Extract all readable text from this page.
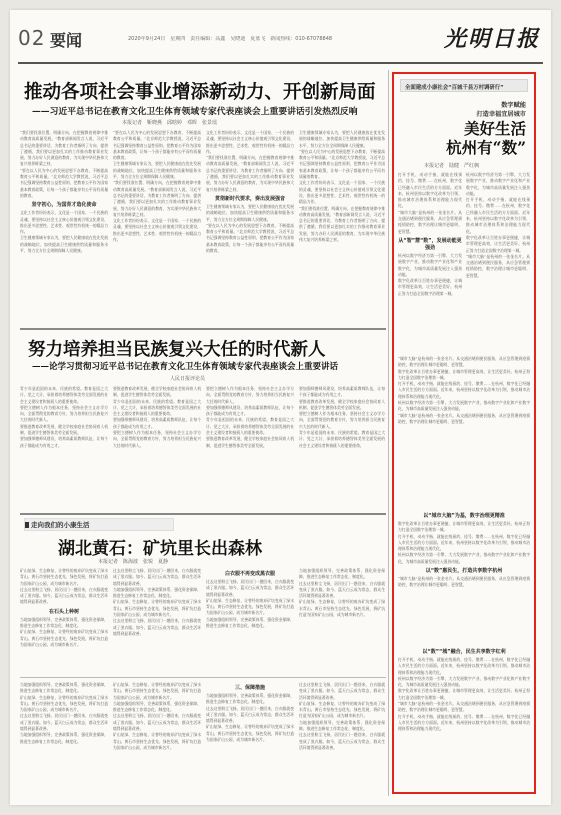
02 要闻	2020年9月24日　星期四　责任编辑：高鑫　吴晓迪　夏蓝飞　新闻热线：010-67078848	光明日报
推动各项社会事业增添新动力、开创新局面
——习近平总书记在教育文化卫生体育领域专家代表座谈会上重要讲话引发热烈反响
本报记者　靳晓燕　邱晗婷　邓晖　张景瑶

“我们要找准位置、明确方向，在把握教育规律中推动教育高质量发展。”教育部新闻发言人说，习近平总书记的重要讲话，为教育工作者指明了方向、提供了遵循，我们要以更加扎实的工作推动教育事业发展，努力办好人民满意的教育，为实现中华民族伟大复兴培养栋梁之材。

“要在以人民为中心的发展思想下办教育，不断提高教育公平和质量。”北京师范大学教授说，习近平总书记强调坚持教育公益性原则，把教育公平作为国家基本教育政策，让每一个孩子都能享有公平而有质量的教育。

坚守初心，为国育才造化使命

文化工作者纷纷表示，文化是一个国家、一个民族的灵魂，要坚持以社会主义核心价值观引领文化建设，推出更多思想性、艺术性、观赏性有机统一的精品力作。

卫生健康领域专家认为，要把人民健康放在优先发展的战略地位，加快提高卫生健康供给质量和服务水平，努力全方位全周期保障人民健康。

“要在以人民为中心的发展思想下办教育，不断提高教育公平和质量。”北京师范大学教授说，习近平总书记强调坚持教育公益性原则，把教育公平作为国家基本教育政策，让每一个孩子都能享有公平而有质量的教育。

卫生健康领域专家认为，要把人民健康放在优先发展的战略地位，加快提高卫生健康供给质量和服务水平，努力全方位全周期保障人民健康。

“我们要找准位置、明确方向，在把握教育规律中推动教育高质量发展。”教育部新闻发言人说，习近平总书记的重要讲话，为教育工作者指明了方向、提供了遵循，我们要以更加扎实的工作推动教育事业发展，努力办好人民满意的教育，为实现中华民族伟大复兴培养栋梁之材。

文化工作者纷纷表示，文化是一个国家、一个民族的灵魂，要坚持以社会主义核心价值观引领文化建设，推出更多思想性、艺术性、观赏性有机统一的精品力作。

文化工作者纷纷表示，文化是一个国家、一个民族的灵魂，要坚持以社会主义核心价值观引领文化建设，推出更多思想性、艺术性、观赏性有机统一的精品力作。

“我们要找准位置、明确方向，在把握教育规律中推动教育高质量发展。”教育部新闻发言人说，习近平总书记的重要讲话，为教育工作者指明了方向、提供了遵循，我们要以更加扎实的工作推动教育事业发展，努力办好人民满意的教育，为实现中华民族伟大复兴培养栋梁之材。

贯彻新时代要求，奏出发展强音

卫生健康领域专家认为，要把人民健康放在优先发展的战略地位，加快提高卫生健康供给质量和服务水平，努力全方位全周期保障人民健康。

“要在以人民为中心的发展思想下办教育，不断提高教育公平和质量。”北京师范大学教授说，习近平总书记强调坚持教育公益性原则，把教育公平作为国家基本教育政策，让每一个孩子都能享有公平而有质量的教育。

卫生健康领域专家认为，要把人民健康放在优先发展的战略地位，加快提高卫生健康供给质量和服务水平，努力全方位全周期保障人民健康。

“要在以人民为中心的发展思想下办教育，不断提高教育公平和质量。”北京师范大学教授说，习近平总书记强调坚持教育公益性原则，把教育公平作为国家基本教育政策，让每一个孩子都能享有公平而有质量的教育。

文化工作者纷纷表示，文化是一个国家、一个民族的灵魂，要坚持以社会主义核心价值观引领文化建设，推出更多思想性、艺术性、观赏性有机统一的精品力作。

“我们要找准位置、明确方向，在把握教育规律中推动教育高质量发展。”教育部新闻发言人说，习近平总书记的重要讲话，为教育工作者指明了方向、提供了遵循，我们要以更加扎实的工作推动教育事业发展，努力办好人民满意的教育，为实现中华民族伟大复兴培养栋梁之材。

努力培养担当民族复兴大任的时代新人
——论学习贯彻习近平总书记在教育文化卫生体育领域专家代表座谈会上重要讲话
人民日报评论员

青少年是祖国的未来、民族的希望。教育是国之大计、党之大计，承担着培养德智体美劳全面发展的社会主义建设者和接班人的重要使命。

要把立德树人作为根本任务，坚持社会主义办学方向，全面贯彻党的教育方针，努力培养担当民族复兴大任的时代新人。

要推进教育改革发展，健全学校家庭社会协同育人机制，促进学生德智体美劳全面发展。

要加强师德师风建设，培养高素质教师队伍，让每个孩子都能成为有用之才。

要推进教育改革发展，健全学校家庭社会协同育人机制，促进学生德智体美劳全面发展。

青少年是祖国的未来、民族的希望。教育是国之大计、党之大计，承担着培养德智体美劳全面发展的社会主义建设者和接班人的重要使命。

要加强师德师风建设，培养高素质教师队伍，让每个孩子都能成为有用之才。

要把立德树人作为根本任务，坚持社会主义办学方向，全面贯彻党的教育方针，努力培养担当民族复兴大任的时代新人。

要把立德树人作为根本任务，坚持社会主义办学方向，全面贯彻党的教育方针，努力培养担当民族复兴大任的时代新人。

要加强师德师风建设，培养高素质教师队伍，让每个孩子都能成为有用之才。

青少年是祖国的未来、民族的希望。教育是国之大计、党之大计，承担着培养德智体美劳全面发展的社会主义建设者和接班人的重要使命。

要推进教育改革发展，健全学校家庭社会协同育人机制，促进学生德智体美劳全面发展。

要加强师德师风建设，培养高素质教师队伍，让每个孩子都能成为有用之才。

要推进教育改革发展，健全学校家庭社会协同育人机制，促进学生德智体美劳全面发展。

要把立德树人作为根本任务，坚持社会主义办学方向，全面贯彻党的教育方针，努力培养担当民族复兴大任的时代新人。

青少年是祖国的未来、民族的希望。教育是国之大计、党之大计，承担着培养德智体美劳全面发展的社会主义建设者和接班人的重要使命。

走向我们的小康生活
湖北黄石：矿坑里长出森林
本报记者　陈海波　张锐　夏静

矿山复绿、生态修复，让曾经的废弃矿坑变成了绿水青山。黄石市坚持生态优先、绿色发展，将矿坑打造为国家矿山公园，成为城市新名片。

过去这里粉尘飞扬，居民出门一趟回来，白衣服就变成了黑衣服。如今，蓝天白云成为常态，群众生活环境得到显著改善。

在石头上种树

当地加强组织领导，完善政策体系，强化资金保障，推进生态修复工作常态化、制度化。

矿山复绿、生态修复，让曾经的废弃矿坑变成了绿水青山。黄石市坚持生态优先、绿色发展，将矿坑打造为国家矿山公园，成为城市新名片。

过去这里粉尘飞扬，居民出门一趟回来，白衣服就变成了黑衣服。如今，蓝天白云成为常态，群众生活环境得到显著改善。

当地加强组织领导，完善政策体系，强化资金保障，推进生态修复工作常态化、制度化。

矿山复绿、生态修复，让曾经的废弃矿坑变成了绿水青山。黄石市坚持生态优先、绿色发展，将矿坑打造为国家矿山公园，成为城市新名片。

过去这里粉尘飞扬，居民出门一趟回来，白衣服就变成了黑衣服。如今，蓝天白云成为常态，群众生活环境得到显著改善。

白衣服不再变成黑衣服

过去这里粉尘飞扬，居民出门一趟回来，白衣服就变成了黑衣服。如今，蓝天白云成为常态，群众生活环境得到显著改善。

矿山复绿、生态修复，让曾经的废弃矿坑变成了绿水青山。黄石市坚持生态优先、绿色发展，将矿坑打造为国家矿山公园，成为城市新名片。

当地加强组织领导，完善政策体系，强化资金保障，推进生态修复工作常态化、制度化。

当地加强组织领导，完善政策体系，强化资金保障，推进生态修复工作常态化、制度化。

过去这里粉尘飞扬，居民出门一趟回来，白衣服就变成了黑衣服。如今，蓝天白云成为常态，群众生活环境得到显著改善。

矿山复绿、生态修复，让曾经的废弃矿坑变成了绿水青山。黄石市坚持生态优先、绿色发展，将矿坑打造为国家矿山公园，成为城市新名片。

当地加强组织领导，完善政策体系，强化资金保障，推进生态修复工作常态化、制度化。

矿山复绿、生态修复，让曾经的废弃矿坑变成了绿水青山。黄石市坚持生态优先、绿色发展，将矿坑打造为国家矿山公园，成为城市新名片。

过去这里粉尘飞扬，居民出门一趟回来，白衣服就变成了黑衣服。如今，蓝天白云成为常态，群众生活环境得到显著改善。

当地加强组织领导，完善政策体系，强化资金保障，推进生态修复工作常态化、制度化。

矿山复绿、生态修复，让曾经的废弃矿坑变成了绿水青山。黄石市坚持生态优先、绿色发展，将矿坑打造为国家矿山公园，成为城市新名片。

当地加强组织领导，完善政策体系，强化资金保障，推进生态修复工作常态化、制度化。

过去这里粉尘飞扬，居民出门一趟回来，白衣服就变成了黑衣服。如今，蓝天白云成为常态，群众生活环境得到显著改善。

矿山复绿、生态修复，让曾经的废弃矿坑变成了绿水青山。黄石市坚持生态优先、绿色发展，将矿坑打造为国家矿山公园，成为城市新名片。

三、保障措施

当地加强组织领导，完善政策体系，强化资金保障，推进生态修复工作常态化、制度化。

过去这里粉尘飞扬，居民出门一趟回来，白衣服就变成了黑衣服。如今，蓝天白云成为常态，群众生活环境得到显著改善。

矿山复绿、生态修复，让曾经的废弃矿坑变成了绿水青山。黄石市坚持生态优先、绿色发展，将矿坑打造为国家矿山公园，成为城市新名片。

过去这里粉尘飞扬，居民出门一趟回来，白衣服就变成了黑衣服。如今，蓝天白云成为常态，群众生活环境得到显著改善。

矿山复绿、生态修复，让曾经的废弃矿坑变成了绿水青山。黄石市坚持生态优先、绿色发展，将矿坑打造为国家矿山公园，成为城市新名片。

当地加强组织领导，完善政策体系，强化资金保障，推进生态修复工作常态化、制度化。

过去这里粉尘飞扬，居民出门一趟回来，白衣服就变成了黑衣服。如今，蓝天白云成为常态，群众生活环境得到显著改善。

全面建成小康社会“百城千县万村调研行”
数字赋能
打造幸福宜居城市
美好生活
杭州有“数”
本报记者　陆健　严红枫

打开手机，动动手指，就能在线预约、挂号、缴费……在杭州，数字化已经融入市民生活的方方面面。近年来，杭州坚持以数字化改革为引领，推动城市治理体系和治理能力现代化。

“城市大脑”是杭州的一张金名片。从交通治堵到便民服务，从应急管理到疫情防控，数字治理让城市更聪明、更智慧。

从“智”慧“数”，发展动能更强劲

杭州以数字经济为第一引擎，大力发展数字产业，推动数字产业化和产业数字化，为城市高质量发展注入强劲动能。

数字化改革让百姓办事更便捷，让城市管理更高效，让生活更美好。杭州正努力打造全国数字治理第一城。

杭州以数字经济为第一引擎，大力发展数字产业，推动数字产业化和产业数字化，为城市高质量发展注入强劲动能。

打开手机，动动手指，就能在线预约、挂号、缴费……在杭州，数字化已经融入市民生活的方方面面。近年来，杭州坚持以数字化改革为引领，推动城市治理体系和治理能力现代化。

数字化改革让百姓办事更便捷，让城市管理更高效，让生活更美好。杭州正努力打造全国数字治理第一城。

“城市大脑”是杭州的一张金名片。从交通治堵到便民服务，从应急管理到疫情防控，数字治理让城市更聪明、更智慧。

“城市大脑”是杭州的一张金名片。从交通治堵到便民服务，从应急管理到疫情防控，数字治理让城市更聪明、更智慧。

数字化改革让百姓办事更便捷，让城市管理更高效，让生活更美好。杭州正努力打造全国数字治理第一城。

打开手机，动动手指，就能在线预约、挂号、缴费……在杭州，数字化已经融入市民生活的方方面面。近年来，杭州坚持以数字化改革为引领，推动城市治理体系和治理能力现代化。

杭州以数字经济为第一引擎，大力发展数字产业，推动数字产业化和产业数字化，为城市高质量发展注入强劲动能。

“城市大脑”是杭州的一张金名片。从交通治堵到便民服务，从应急管理到疫情防控，数字治理让城市更聪明、更智慧。

以“城市大脑”为基，数字治理更精准

数字化改革让百姓办事更便捷，让城市管理更高效，让生活更美好。杭州正努力打造全国数字治理第一城。

打开手机，动动手指，就能在线预约、挂号、缴费……在杭州，数字化已经融入市民生活的方方面面。近年来，杭州坚持以数字化改革为引领，推动城市治理体系和治理能力现代化。

杭州以数字经济为第一引擎，大力发展数字产业，推动数字产业化和产业数字化，为城市高质量发展注入强劲动能。

以“数”惠民生，打造共享数字杭州

“城市大脑”是杭州的一张金名片。从交通治堵到便民服务，从应急管理到疫情防控，数字治理让城市更聪明、更智慧。

以“数”“城”融合，民生共享数字红利

打开手机，动动手指，就能在线预约、挂号、缴费……在杭州，数字化已经融入市民生活的方方面面。近年来，杭州坚持以数字化改革为引领，推动城市治理体系和治理能力现代化。

杭州以数字经济为第一引擎，大力发展数字产业，推动数字产业化和产业数字化，为城市高质量发展注入强劲动能。

数字化改革让百姓办事更便捷，让城市管理更高效，让生活更美好。杭州正努力打造全国数字治理第一城。

“城市大脑”是杭州的一张金名片。从交通治堵到便民服务，从应急管理到疫情防控，数字治理让城市更聪明、更智慧。

打开手机，动动手指，就能在线预约、挂号、缴费……在杭州，数字化已经融入市民生活的方方面面。近年来，杭州坚持以数字化改革为引领，推动城市治理体系和治理能力现代化。
